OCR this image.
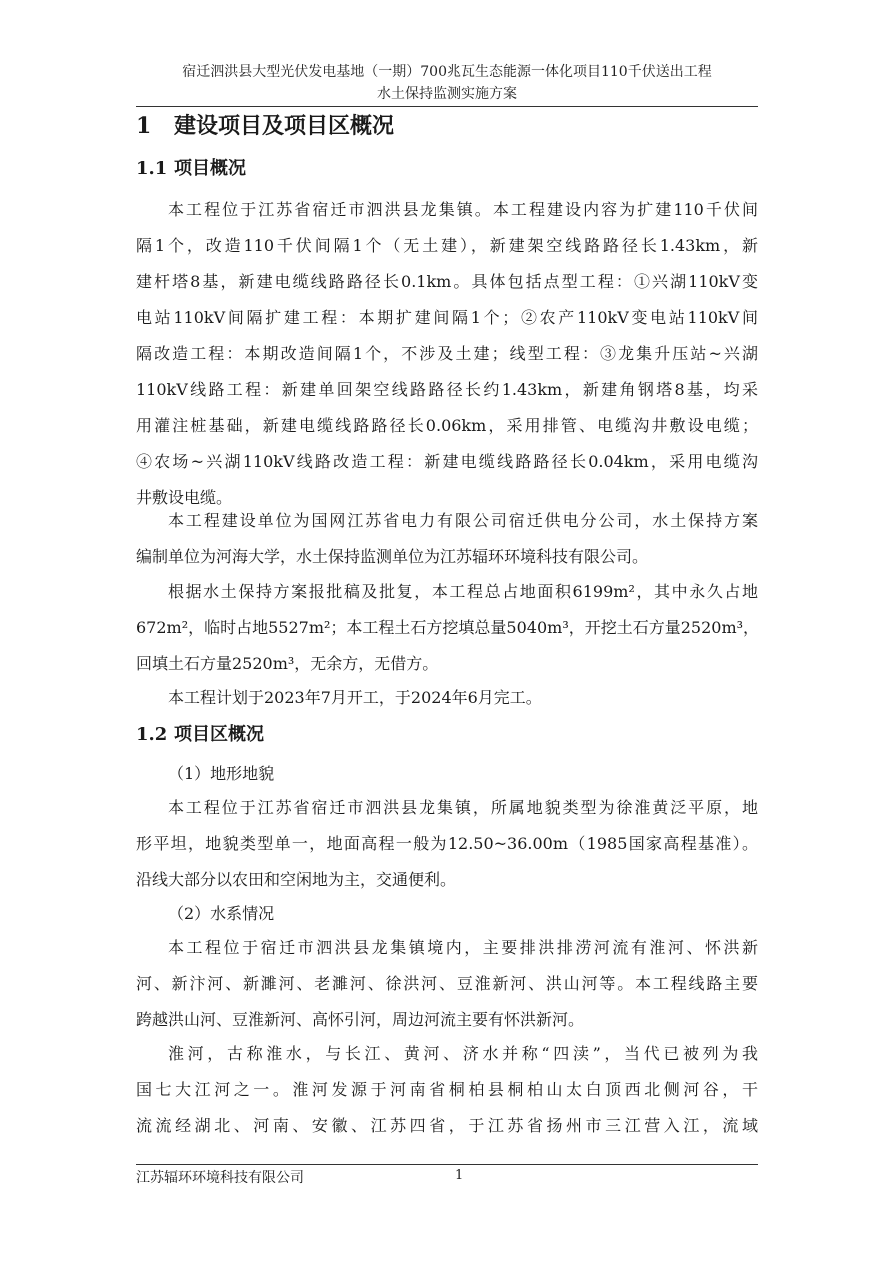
宿迁泗洪县大型光伏发电基地（一期）700兆瓦生态能源一体化项目110千伏送出工程
水土保持监测实施方案
1 建设项目及项目区概况
1.1 项目概况
本工程位于江苏省宿迁市泗洪县龙集镇。本工程建设内容为扩建110千伏间
隔1个，改造110千伏间隔1个（无土建），新建架空线路路径长1.43km，新
建杆塔8基，新建电缆线路路径长0.1km。具体包括点型工程：①兴湖110kV变
电站110kV间隔扩建工程：本期扩建间隔1个；②农产110kV变电站110kV间
隔改造工程：本期改造间隔1个，不涉及土建；线型工程：③龙集升压站~兴湖
110kV线路工程：新建单回架空线路路径长约1.43km，新建角钢塔8基，均采
用灌注桩基础，新建电缆线路路径长0.06km，采用排管、电缆沟井敷设电缆；
④农场~兴湖110kV线路改造工程：新建电缆线路路径长0.04km，采用电缆沟
井敷设电缆。
本工程建设单位为国网江苏省电力有限公司宿迁供电分公司，水土保持方案
编制单位为河海大学，水土保持监测单位为江苏辐环环境科技有限公司。
根据水土保持方案报批稿及批复，本工程总占地面积6199m²，其中永久占地
672m²，临时占地5527m²；本工程土石方挖填总量5040m³，开挖土石方量2520m³，
回填土石方量2520m³，无余方，无借方。
本工程计划于2023年7月开工，于2024年6月完工。
1.2 项目区概况
（1）地形地貌
本工程位于江苏省宿迁市泗洪县龙集镇，所属地貌类型为徐淮黄泛平原，地
形平坦，地貌类型单一，地面高程一般为12.50~36.00m（1985国家高程基准）。
沿线大部分以农田和空闲地为主，交通便利。
（2）水系情况
本工程位于宿迁市泗洪县龙集镇境内，主要排洪排涝河流有淮河、怀洪新
河、新汴河、新濉河、老濉河、徐洪河、豆淮新河、洪山河等。本工程线路主要
跨越洪山河、豆淮新河、高怀引河，周边河流主要有怀洪新河。
淮河，古称淮水，与长江、黄河、济水并称“四渎”，当代已被列为我
国七大江河之一。淮河发源于河南省桐柏县桐柏山太白顶西北侧河谷，干
流流经湖北、河南、安徽、江苏四省，于江苏省扬州市三江营入江，流域
江苏辐环环境科技有限公司	1
